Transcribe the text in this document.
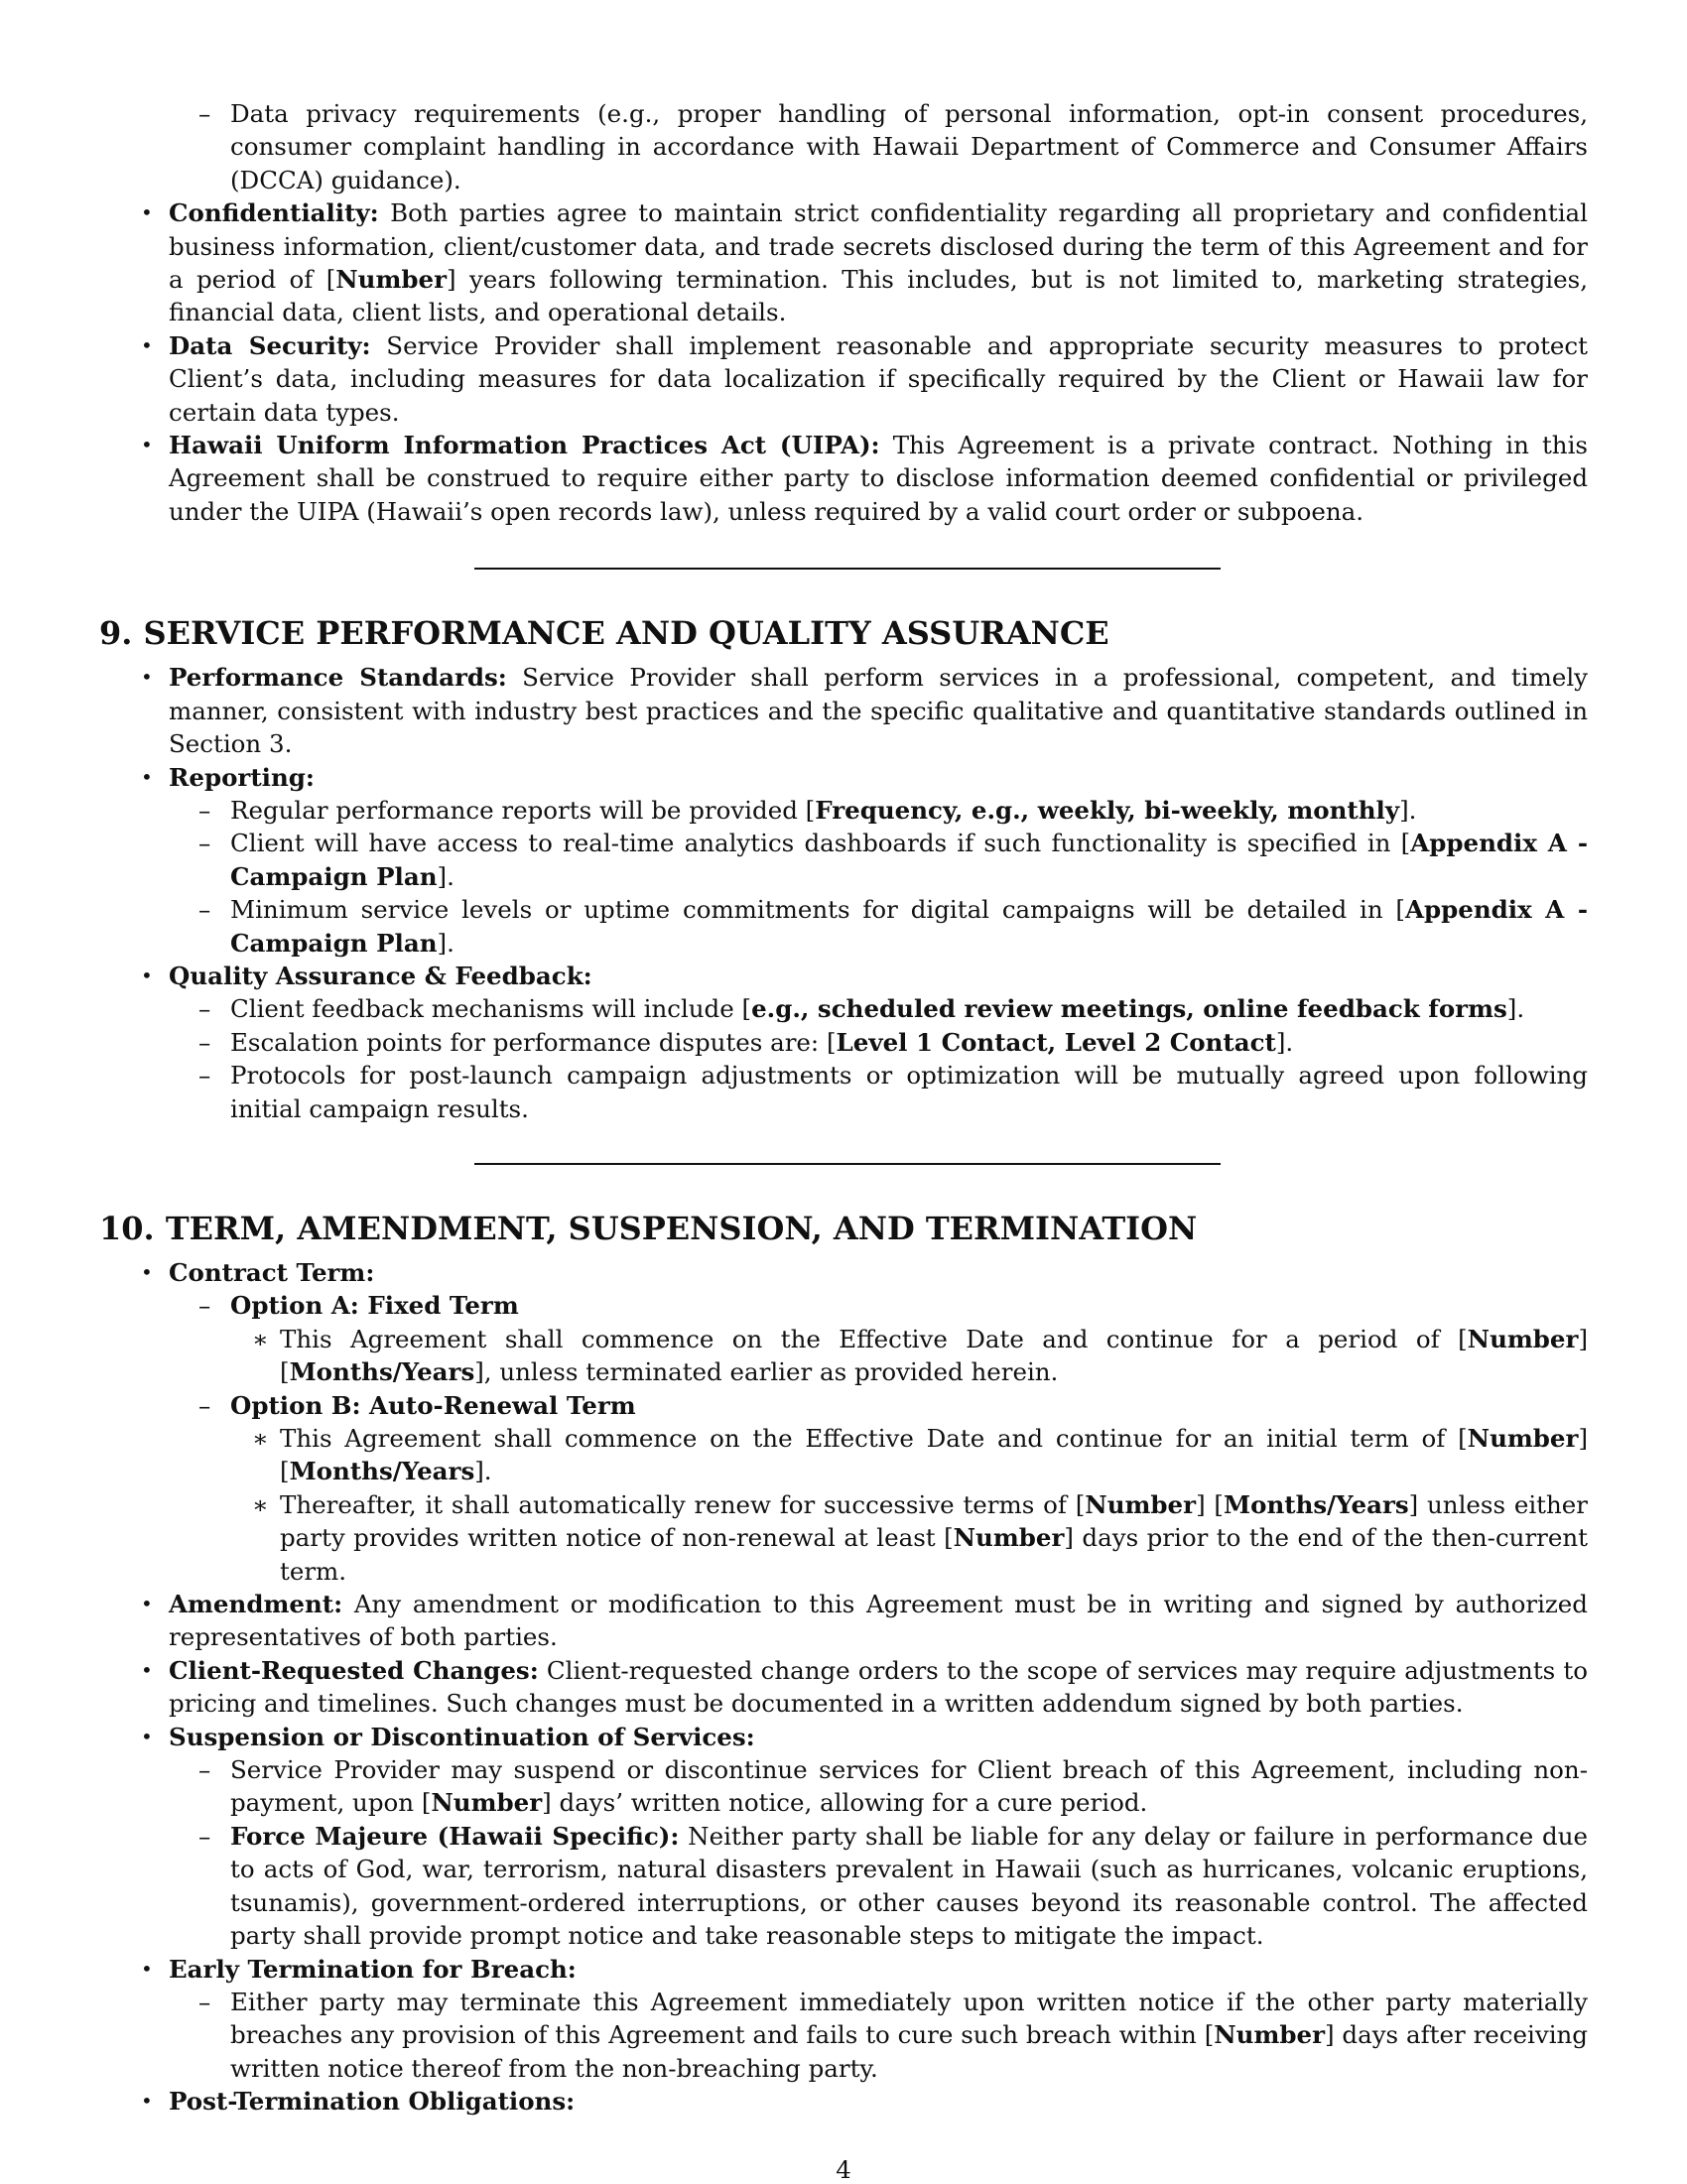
– Data privacy requirements (e.g., proper handling of personal information, opt-in consent procedures, consumer complaint handling in accordance with Hawaii Department of Commerce and Consumer Affairs (DCCA) guidance).
• Confidentiality: Both parties agree to maintain strict confidentiality regarding all proprietary and confidential business information, client/customer data, and trade secrets disclosed during the term of this Agreement and for a period of [Number] years following termination. This includes, but is not limited to, marketing strategies, financial data, client lists, and operational details.
• Data Security: Service Provider shall implement reasonable and appropriate security measures to protect Client’s data, including measures for data localization if specifically required by the Client or Hawaii law for certain data types.
• Hawaii Uniform Information Practices Act (UIPA): This Agreement is a private contract. Nothing in this Agreement shall be construed to require either party to disclose information deemed confidential or privileged under the UIPA (Hawaii’s open records law), unless required by a valid court order or subpoena.
9. SERVICE PERFORMANCE AND QUALITY ASSURANCE
• Performance Standards: Service Provider shall perform services in a professional, competent, and timely manner, consistent with industry best practices and the specific qualitative and quantitative standards outlined in Section 3.
• Reporting:
– Regular performance reports will be provided [Frequency, e.g., weekly, bi-weekly, monthly].
– Client will have access to real-time analytics dashboards if such functionality is specified in [Appendix A - Campaign Plan].
– Minimum service levels or uptime commitments for digital campaigns will be detailed in [Appendix A - Campaign Plan].
• Quality Assurance & Feedback:
– Client feedback mechanisms will include [e.g., scheduled review meetings, online feedback forms].
– Escalation points for performance disputes are: [Level 1 Contact, Level 2 Contact].
– Protocols for post-launch campaign adjustments or optimization will be mutually agreed upon following initial campaign results.
10. TERM, AMENDMENT, SUSPENSION, AND TERMINATION
• Contract Term:
– Option A: Fixed Term
∗ This Agreement shall commence on the Effective Date and continue for a period of [Number] [Months/Years], unless terminated earlier as provided herein.
– Option B: Auto-Renewal Term
∗ This Agreement shall commence on the Effective Date and continue for an initial term of [Number] [Months/Years].
∗ Thereafter, it shall automatically renew for successive terms of [Number] [Months/Years] unless either party provides written notice of non-renewal at least [Number] days prior to the end of the then-current term.
• Amendment: Any amendment or modification to this Agreement must be in writing and signed by authorized representatives of both parties.
• Client-Requested Changes: Client-requested change orders to the scope of services may require adjustments to pricing and timelines. Such changes must be documented in a written addendum signed by both parties.
• Suspension or Discontinuation of Services:
– Service Provider may suspend or discontinue services for Client breach of this Agreement, including non-payment, upon [Number] days’ written notice, allowing for a cure period.
– Force Majeure (Hawaii Specific): Neither party shall be liable for any delay or failure in performance due to acts of God, war, terrorism, natural disasters prevalent in Hawaii (such as hurricanes, volcanic eruptions, tsunamis), government-ordered interruptions, or other causes beyond its reasonable control. The affected party shall provide prompt notice and take reasonable steps to mitigate the impact.
• Early Termination for Breach:
– Either party may terminate this Agreement immediately upon written notice if the other party materially breaches any provision of this Agreement and fails to cure such breach within [Number] days after receiving written notice thereof from the non-breaching party.
• Post-Termination Obligations:
4
